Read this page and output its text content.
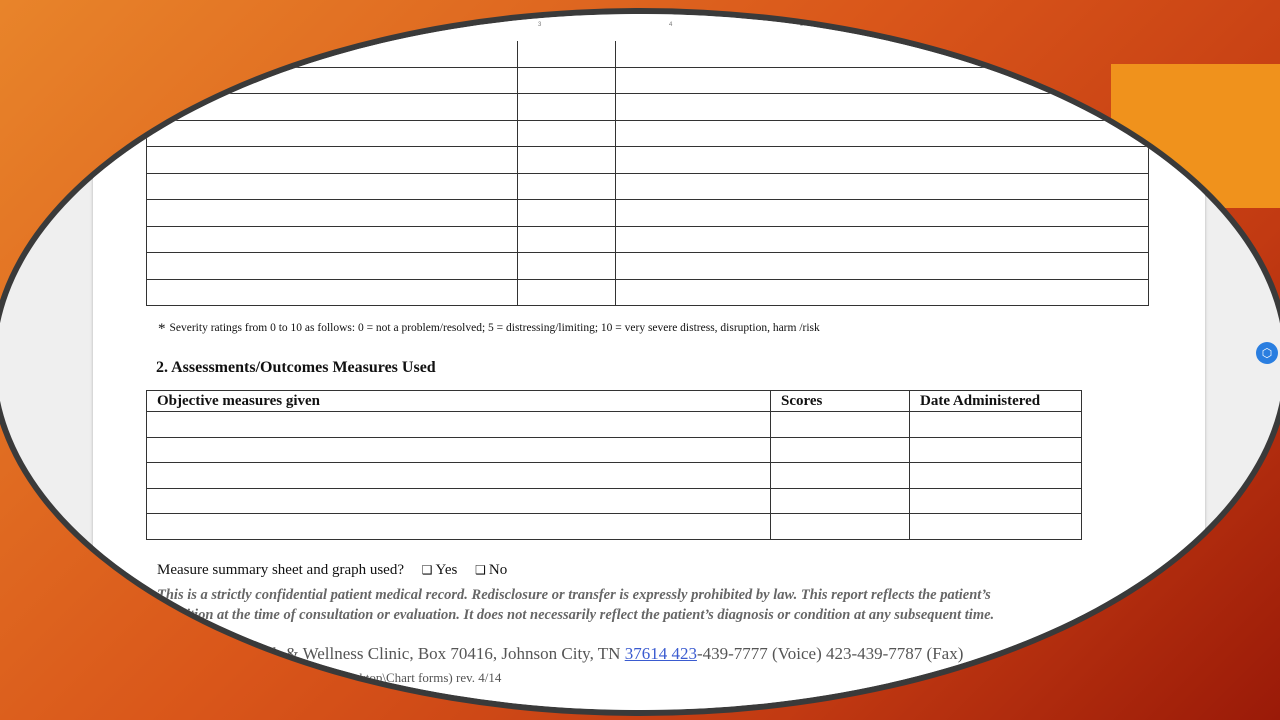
3	4	5

* Severity ratings from 0 to 10 as follows: 0 = not a problem/resolved; 5 = distressing/limiting; 10 = very severe distress, disruption, harm /risk
2. Assessments/Outcomes Measures Used
Objective measures given	Scores	Date Administered

Measure summary sheet and graph used? ❑ Yes ❑ No
This is a strictly confidential patient medical record. Redisclosure or transfer is expressly prohibited by law. This report reflects the patient’s
condition at the time of consultation or evaluation. It does not necessarily reflect the patient’s diagnosis or condition at any subsequent time.
Behavioral Health & Wellness Clinic, Box 70416, Johnson City, TN 37614 423-439-7777 (Voice) 423-439-7787 (Fax)
(C:\Documents and Settings\bhwc\Desktop\Chart forms) rev. 4/14
⬡
